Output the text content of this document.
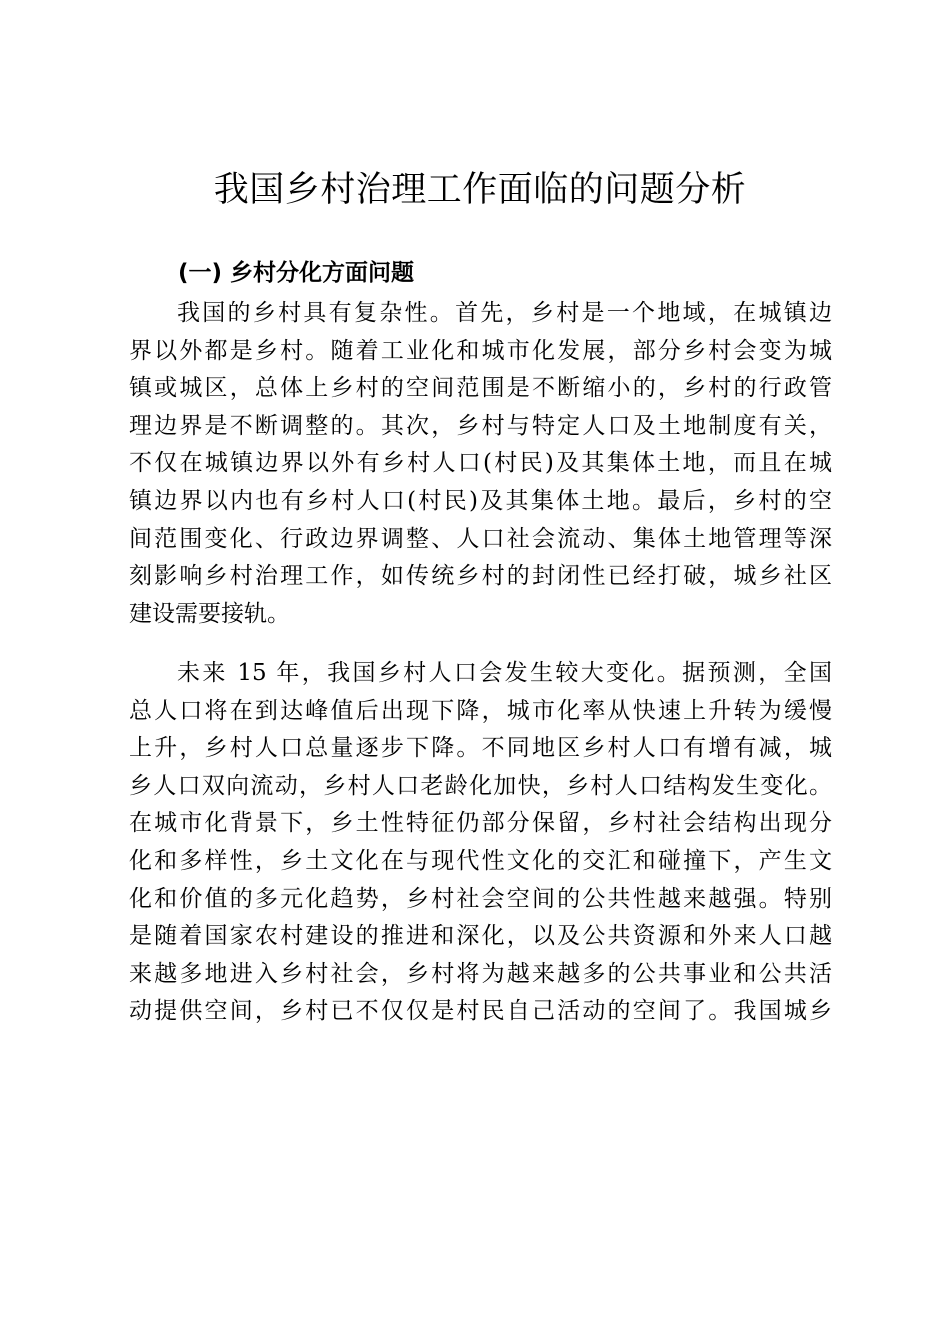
我国乡村治理工作面临的问题分析
(一) 乡村分化方面问题
我国的乡村具有复杂性。首先，乡村是一个地域，在城镇边
界以外都是乡村。随着工业化和城市化发展，部分乡村会变为城
镇或城区，总体上乡村的空间范围是不断缩小的，乡村的行政管
理边界是不断调整的。其次，乡村与特定人口及土地制度有关，
不仅在城镇边界以外有乡村人口(村民)及其集体土地，而且在城
镇边界以内也有乡村人口(村民)及其集体土地。最后，乡村的空
间范围变化、行政边界调整、人口社会流动、集体土地管理等深
刻影响乡村治理工作，如传统乡村的封闭性已经打破，城乡社区
建设需要接轨。
未来 15 年，我国乡村人口会发生较大变化。据预测，全国
总人口将在到达峰值后出现下降，城市化率从快速上升转为缓慢
上升，乡村人口总量逐步下降。不同地区乡村人口有增有减，城
乡人口双向流动，乡村人口老龄化加快，乡村人口结构发生变化。
在城市化背景下，乡土性特征仍部分保留，乡村社会结构出现分
化和多样性，乡土文化在与现代性文化的交汇和碰撞下，产生文
化和价值的多元化趋势，乡村社会空间的公共性越来越强。特别
是随着国家农村建设的推进和深化，以及公共资源和外来人口越
来越多地进入乡村社会，乡村将为越来越多的公共事业和公共活
动提供空间，乡村已不仅仅是村民自己活动的空间了。我国城乡
